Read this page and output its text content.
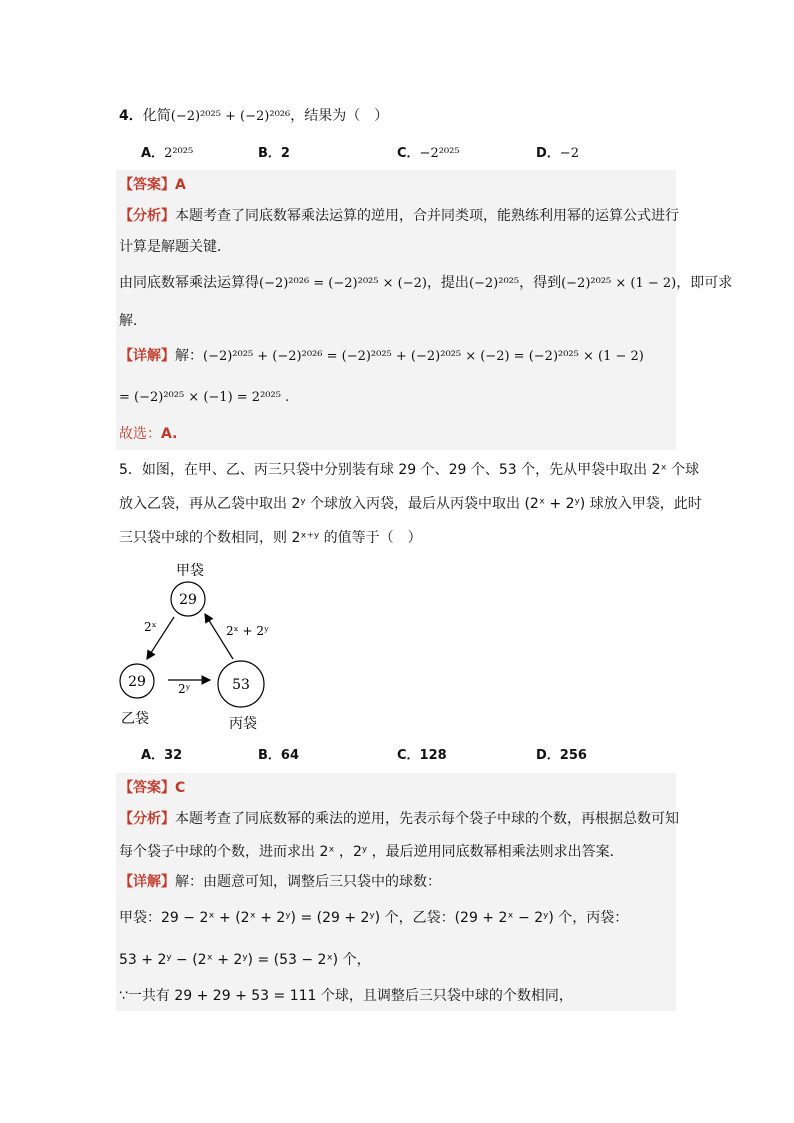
4．化简(−2)²⁰²⁵ + (−2)²⁰²⁶，结果为（　）
A．2²⁰²⁵	B．2	C．−2²⁰²⁵	D．−2
【答案】A
【分析】本题考查了同底数幂乘法运算的逆用，合并同类项，能熟练利用幂的运算公式进行
计算是解题关键．
由同底数幂乘法运算得(−2)²⁰²⁶ = (−2)²⁰²⁵ × (−2)，提出(−2)²⁰²⁵，得到(−2)²⁰²⁵ × (1 − 2)，即可求
解．
【详解】解：(−2)²⁰²⁵ + (−2)²⁰²⁶ = (−2)²⁰²⁵ + (−2)²⁰²⁵ × (−2) = (−2)²⁰²⁵ × (1 − 2)
= (−2)²⁰²⁵ × (−1) = 2²⁰²⁵ .
故选：A.
5．如图，在甲、乙、丙三只袋中分别装有球 29 个、29 个、53 个，先从甲袋中取出 2ˣ 个球
放入乙袋，再从乙袋中取出 2ʸ 个球放入丙袋，最后从丙袋中取出 (2ˣ + 2ʸ) 球放入甲袋，此时
三只袋中球的个数相同，则 2ˣ⁺ʸ 的值等于（　）
甲袋
29
29
乙袋
53
丙袋
2ˣ
2ʸ
2ˣ + 2ʸ
A．32	B．64	C．128	D．256
【答案】C
【分析】本题考查了同底数幂的乘法的逆用，先表示每个袋子中球的个数，再根据总数可知
每个袋子中球的个数，进而求出 2ˣ ，2ʸ ，最后逆用同底数幂相乘法则求出答案．
【详解】解：由题意可知，调整后三只袋中的球数：
甲袋：29 − 2ˣ + (2ˣ + 2ʸ) = (29 + 2ʸ) 个，乙袋：(29 + 2ˣ − 2ʸ) 个，丙袋：
53 + 2ʸ − (2ˣ + 2ʸ) = (53 − 2ˣ) 个，
∵一共有 29 + 29 + 53 = 111 个球，且调整后三只袋中球的个数相同，
